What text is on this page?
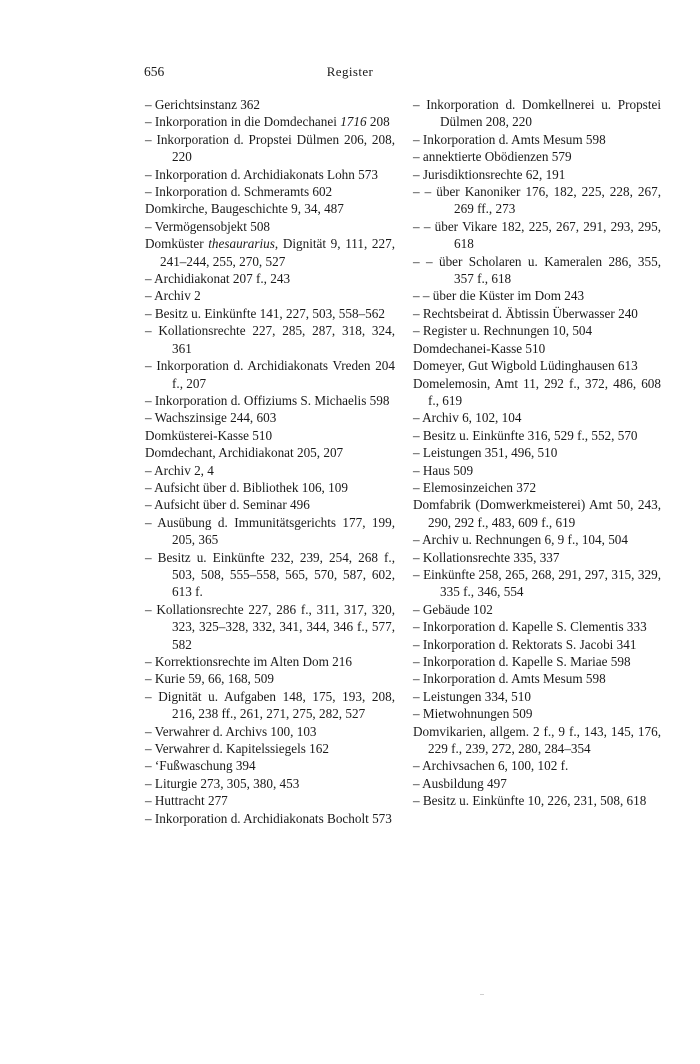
656	Register
– Gerichtsinstanz 362
– Inkorporation in die Domdechanei 1716 208
– Inkorporation d. Propstei Dülmen 206, 208, 220
– Inkorporation d. Archidiakonats Lohn 573
– Inkorporation d. Schmeramts 602
Domkirche, Baugeschichte 9, 34, 487
– Vermögensobjekt 508
Domküster thesaurarius, Dignität 9, 111, 227, 241–244, 255, 270, 527
– Archidiakonat 207 f., 243
– Archiv 2
– Besitz u. Einkünfte 141, 227, 503, 558–562
– Kollationsrechte 227, 285, 287, 318, 324, 361
– Inkorporation d. Archidiakonats Vreden 204 f., 207
– Inkorporation d. Offiziums S. Michaelis 598
– Wachszinsige 244, 603
Domküsterei-Kasse 510
Domdechant, Archidiakonat 205, 207
– Archiv 2, 4
– Aufsicht über d. Bibliothek 106, 109
– Aufsicht über d. Seminar 496
– Ausübung d. Immunitätsgerichts 177, 199, 205, 365
– Besitz u. Einkünfte 232, 239, 254, 268 f., 503, 508, 555–558, 565, 570, 587, 602, 613 f.
– Kollationsrechte 227, 286 f., 311, 317, 320, 323, 325–328, 332, 341, 344, 346 f., 577, 582
– Korrektionsrechte im Alten Dom 216
– Kurie 59, 66, 168, 509
– Dignität u. Aufgaben 148, 175, 193, 208, 216, 238 ff., 261, 271, 275, 282, 527
– Verwahrer d. Archivs 100, 103
– Verwahrer d. Kapitelssiegels 162
– ‘Fußwaschung 394
– Liturgie 273, 305, 380, 453
– Huttracht 277
– Inkorporation d. Archidiakonats Bocholt 573
– Inkorporation d. Domkellnerei u. Propstei Dülmen 208, 220
– Inkorporation d. Amts Mesum 598
– annektierte Obödienzen 579
– Jurisdiktionsrechte 62, 191
– – über Kanoniker 176, 182, 225, 228, 267, 269 ff., 273
– – über Vikare 182, 225, 267, 291, 293, 295, 618
– – über Scholaren u. Kameralen 286, 355, 357 f., 618
– – über die Küster im Dom 243
– Rechtsbeirat d. Äbtissin Überwasser 240
– Register u. Rechnungen 10, 504
Domdechanei-Kasse 510
Domeyer, Gut Wigbold Lüdinghausen 613
Domelemosin, Amt 11, 292 f., 372, 486, 608 f., 619
– Archiv 6, 102, 104
– Besitz u. Einkünfte 316, 529 f., 552, 570
– Leistungen 351, 496, 510
– Haus 509
– Elemosinzeichen 372
Domfabrik (Domwerkmeisterei) Amt 50, 243, 290, 292 f., 483, 609 f., 619
– Archiv u. Rechnungen 6, 9 f., 104, 504
– Kollationsrechte 335, 337
– Einkünfte 258, 265, 268, 291, 297, 315, 329, 335 f., 346, 554
– Gebäude 102
– Inkorporation d. Kapelle S. Clementis 333
– Inkorporation d. Rektorats S. Jacobi 341
– Inkorporation d. Kapelle S. Mariae 598
– Inkorporation d. Amts Mesum 598
– Leistungen 334, 510
– Mietwohnungen 509
Domvikarien, allgem. 2 f., 9 f., 143, 145, 176, 229 f., 239, 272, 280, 284–354
– Archivsachen 6, 100, 102 f.
– Ausbildung 497
– Besitz u. Einkünfte 10, 226, 231, 508, 618
